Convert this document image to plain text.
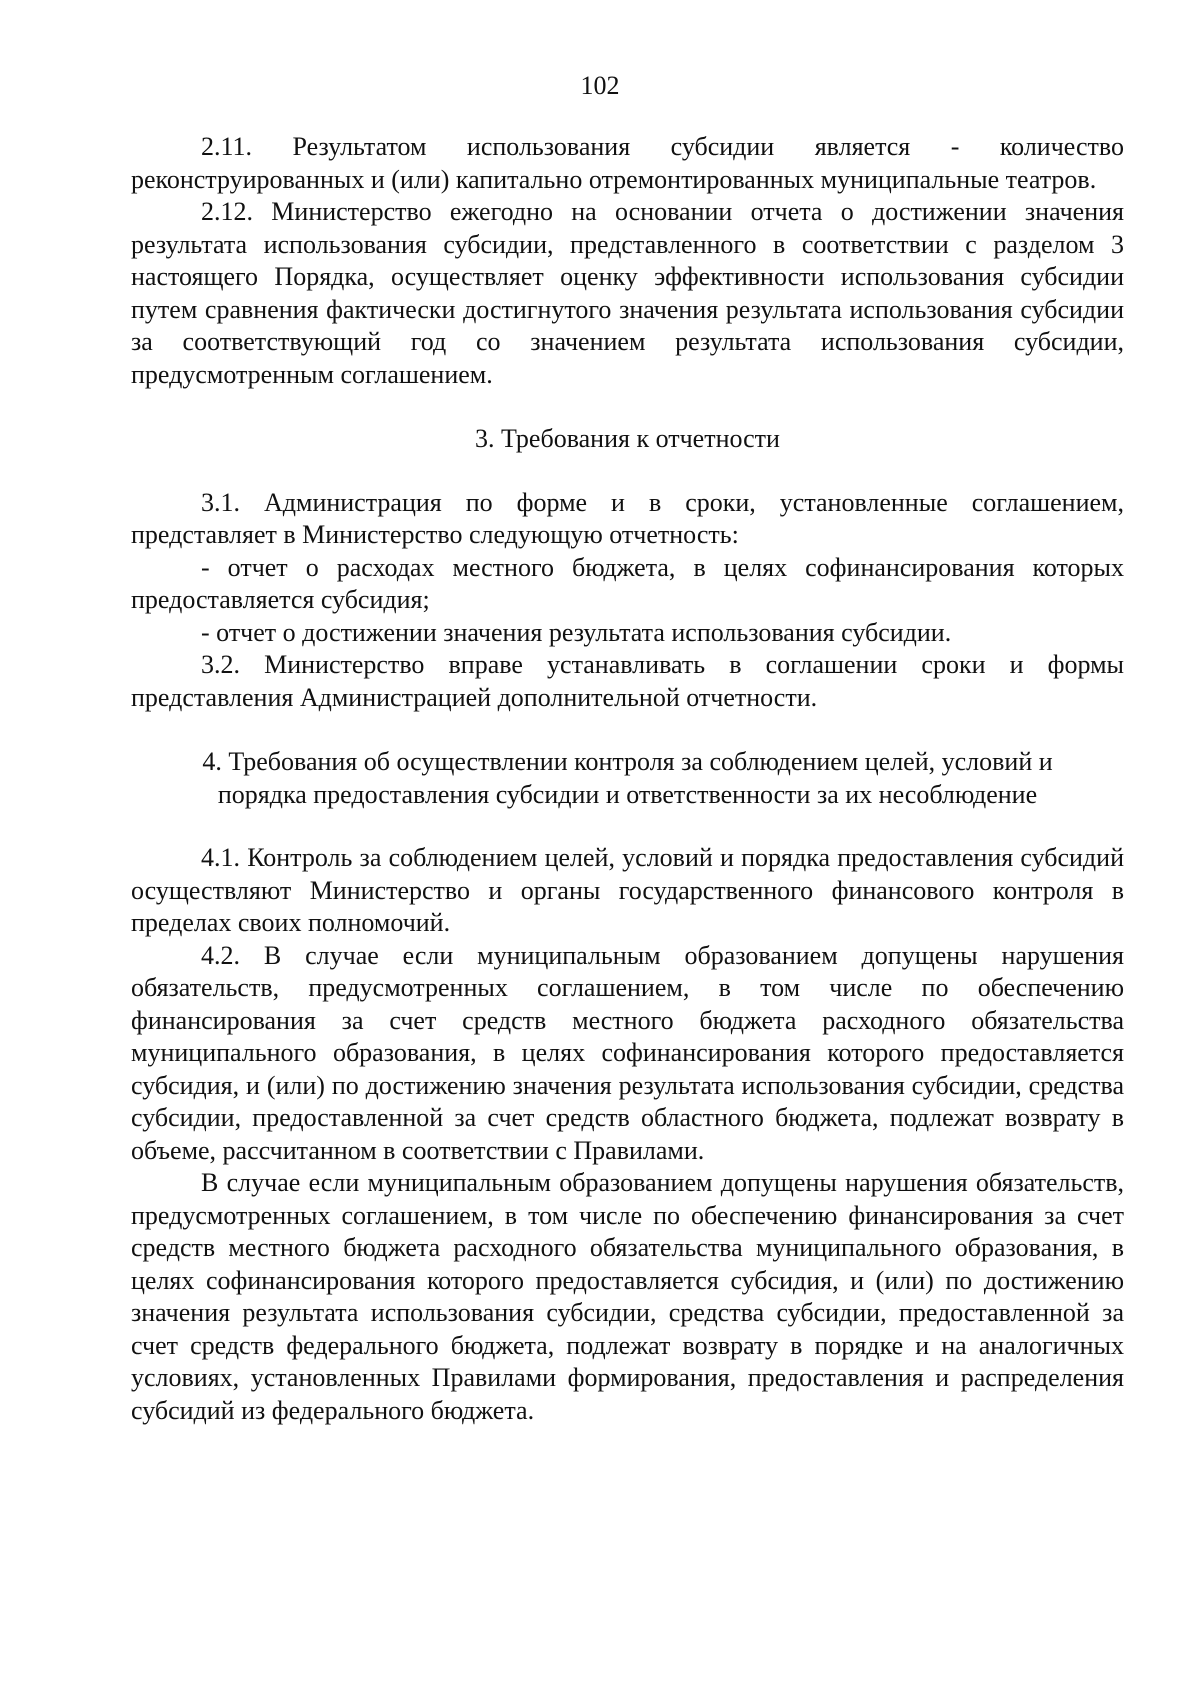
102

2.11. Результатом использования субсидии является - количество реконструированных и (или) капитально отремонтированных муниципальные театров.

2.12. Министерство ежегодно на основании отчета о достижении значения результата использования субсидии, представленного в соответствии с разделом 3 настоящего Порядка, осуществляет оценку эффективности использования субсидии путем сравнения фактически достигнутого значения результата использования субсидии за соответствующий год со значением результата использования субсидии, предусмотренным соглашением.

3. Требования к отчетности

3.1. Администрация по форме и в сроки, установленные соглашением, представляет в Министерство следующую отчетность:

- отчет о расходах местного бюджета, в целях софинансирования которых предоставляется субсидия;

- отчет о достижении значения результата использования субсидии.

3.2. Министерство вправе устанавливать в соглашении сроки и формы представления Администрацией дополнительной отчетности.

4. Требования об осуществлении контроля за соблюдением целей, условий и
порядка предоставления субсидии и ответственности за их несоблюдение

4.1. Контроль за соблюдением целей, условий и порядка предоставления субсидий осуществляют Министерство и органы государственного финансового контроля в пределах своих полномочий.

4.2. В случае если муниципальным образованием допущены нарушения обязательств, предусмотренных соглашением, в том числе по обеспечению финансирования за счет средств местного бюджета расходного обязательства муниципального образования, в целях софинансирования которого предоставляется субсидия, и (или) по достижению значения результата использования субсидии, средства субсидии, предоставленной за счет средств областного бюджета, подлежат возврату в объеме, рассчитанном в соответствии с Правилами.

В случае если муниципальным образованием допущены нарушения обязательств, предусмотренных соглашением, в том числе по обеспечению финансирования за счет средств местного бюджета расходного обязательства муниципального образования, в целях софинансирования которого предоставляется субсидия, и (или) по достижению значения результата использования субсидии, средства субсидии, предоставленной за счет средств федерального бюджета, подлежат возврату в порядке и на аналогичных условиях, установленных Правилами формирования, предоставления и распределения субсидий из федерального бюджета.
